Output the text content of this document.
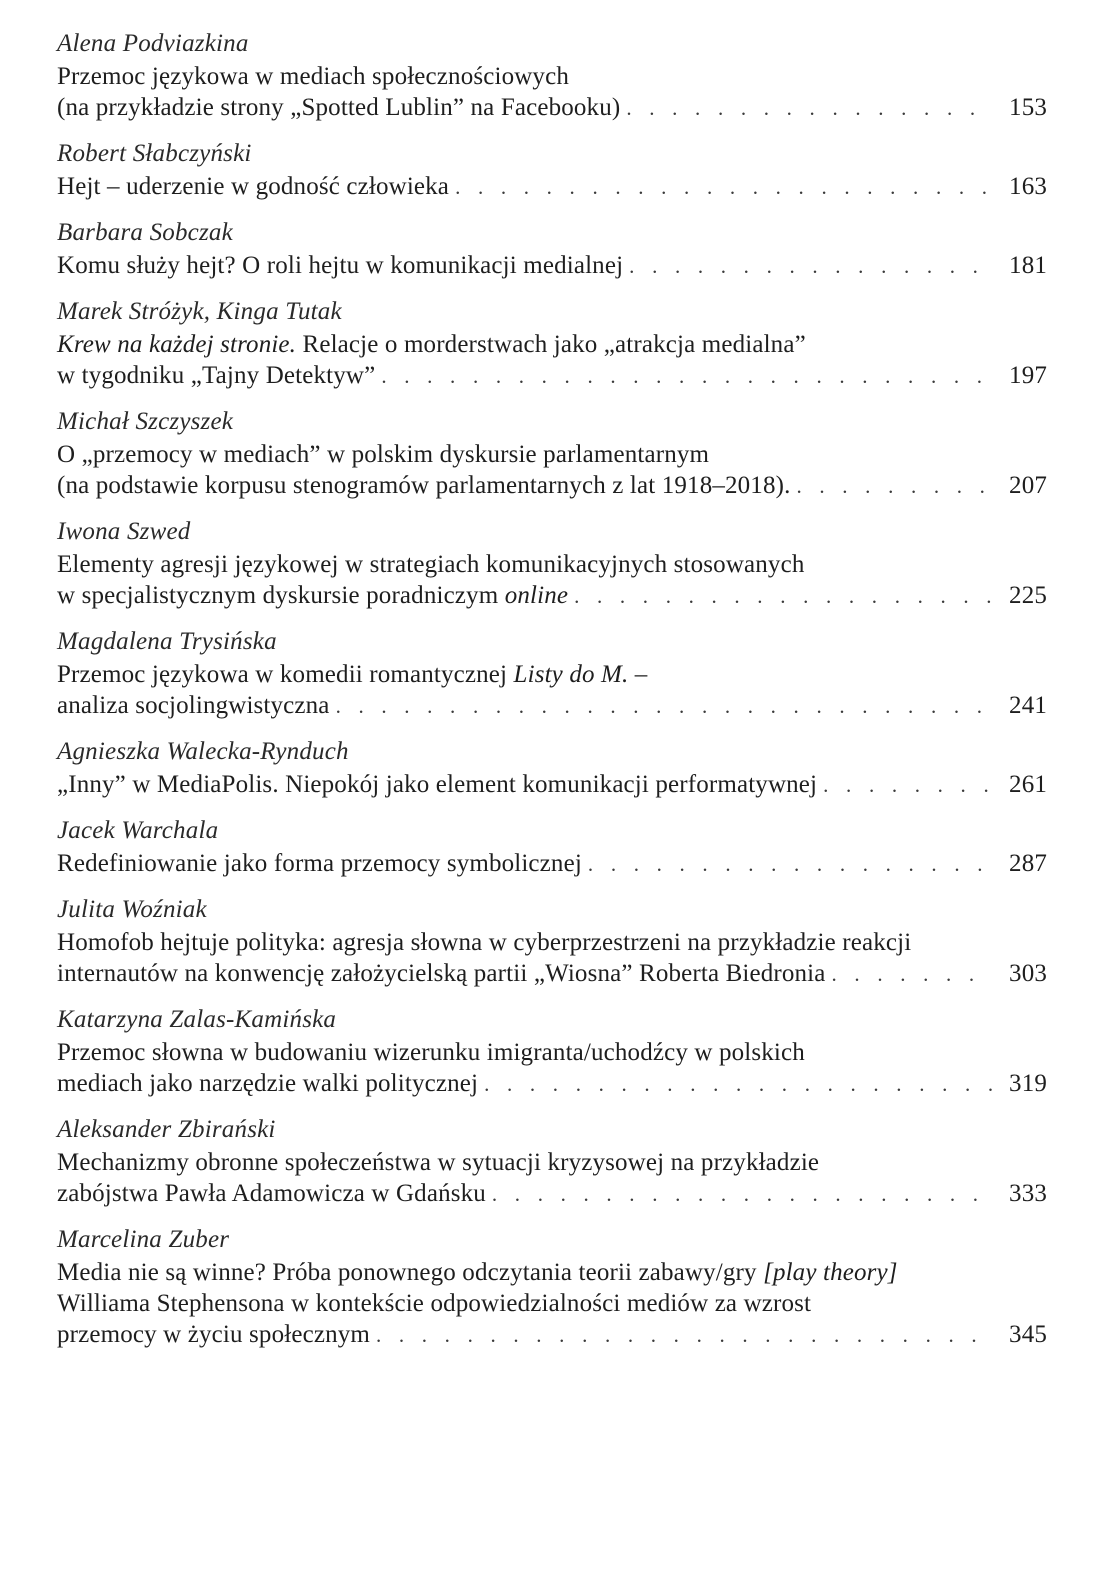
Alena Podviazkina
Przemoc językowa w mediach społecznościowych
(na przykładzie strony „Spotted Lublin” na Facebooku) . . .	153
Robert Słabczyński
Hejt – uderzenie w godność człowieka . . .	163
Barbara Sobczak
Komu służy hejt? O roli hejtu w komunikacji medialnej . . .	181
Marek Stróżyk, Kinga Tutak
Krew na każdej stronie. Relacje o morderstwach jako „atrakcja medialna”
w tygodniku „Tajny Detektyw” . . .	197
Michał Szczyszek
O „przemocy w mediach” w polskim dyskursie parlamentarnym
(na podstawie korpusu stenogramów parlamentarnych z lat 1918–2018). . . .	207
Iwona Szwed
Elementy agresji językowej w strategiach komunikacyjnych stosowanych
w specjalistycznym dyskursie poradniczym online . . .	225
Magdalena Trysińska
Przemoc językowa w komedii romantycznej Listy do M. –
analiza socjolingwistyczna . . .	241
Agnieszka Walecka-Rynduch
„Inny” w MediaPolis. Niepokój jako element komunikacji performatywnej . . .	261
Jacek Warchala
Redefiniowanie jako forma przemocy symbolicznej . . .	287
Julita Woźniak
Homofob hejtuje polityka: agresja słowna w cyberprzestrzeni na przykładzie reakcji
internautów na konwencję założycielską partii „Wiosna” Roberta Biedronia . . .	303
Katarzyna Zalas-Kamińska
Przemoc słowna w budowaniu wizerunku imigranta/uchodźcy w polskich
mediach jako narzędzie walki politycznej . . .	319
Aleksander Zbirański
Mechanizmy obronne społeczeństwa w sytuacji kryzysowej na przykładzie
zabójstwa Pawła Adamowicza w Gdańsku . . .	333
Marcelina Zuber
Media nie są winne? Próba ponownego odczytania teorii zabawy/gry [play theory]
Williama Stephensona w kontekście odpowiedzialności mediów za wzrost
przemocy w życiu społecznym . . .	345
